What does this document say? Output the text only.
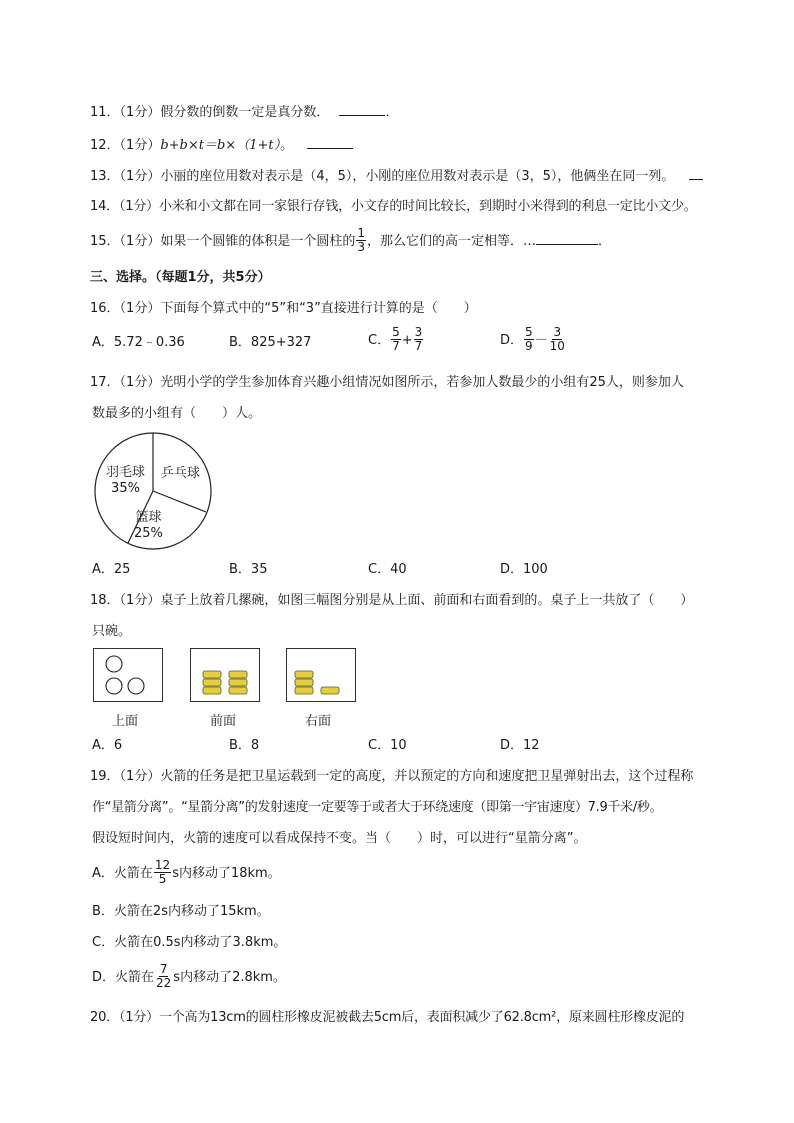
11．（1分）假分数的倒数一定是真分数．	．
12．（1分）b+b×t＝b×（1+t）。
13．（1分）小丽的座位用数对表示是（4，5），小刚的座位用数对表示是（3，5），他俩坐在同一列。
14．（1分）小米和小文都在同一家银行存钱，小文存的时间比较长，到期时小米得到的利息一定比小文少。
15．（1分）如果一个圆锥的体积是一个圆柱的 $\frac{1}{3}$ ，那么它们的高一定相等．…	．
三、选择。（每题1分，共5分）
16．（1分）下面每个算式中的“5”和“3”直接进行计算的是（　　）
A．5.72﹣0.36	B．825+327	C． $\frac{5}{7} + \frac{3}{7}$	D． $\frac{5}{9} - \frac{3}{10}$
17．（1分）光明小学的学生参加体育兴趣小组情况如图所示，若参加人数最少的小组有25人，则参加人
数最多的小组有（　　）人。
羽毛球
35%
乒乓球
篮球
25%
A．25	B．35	C．40	D．100
18．（1分）桌子上放着几摞碗，如图三幅图分别是从上面、前面和右面看到的。桌子上一共放了（　　）
只碗。
上面	前面	右面
A．6	B．8	C．10	D．12
19．（1分）火箭的任务是把卫星运载到一定的高度，并以预定的方向和速度把卫星弹射出去，这个过程称
作“星箭分离”。“星箭分离”的发射速度一定要等于或者大于环绕速度（即第一宇宙速度）7.9千米/秒。
假设短时间内，火箭的速度可以看成保持不变。当（　　）时，可以进行“星箭分离”。
A．火箭在 $\frac{12}{5}$ s内移动了18km。
B．火箭在2s内移动了15km。
C．火箭在0.5s内移动了3.8km。
D．火箭在 $\frac{7}{22}$ s内移动了2.8km。
20．（1分）一个高为13cm的圆柱形橡皮泥被截去5cm后，表面积减少了62.8cm²，原来圆柱形橡皮泥的
